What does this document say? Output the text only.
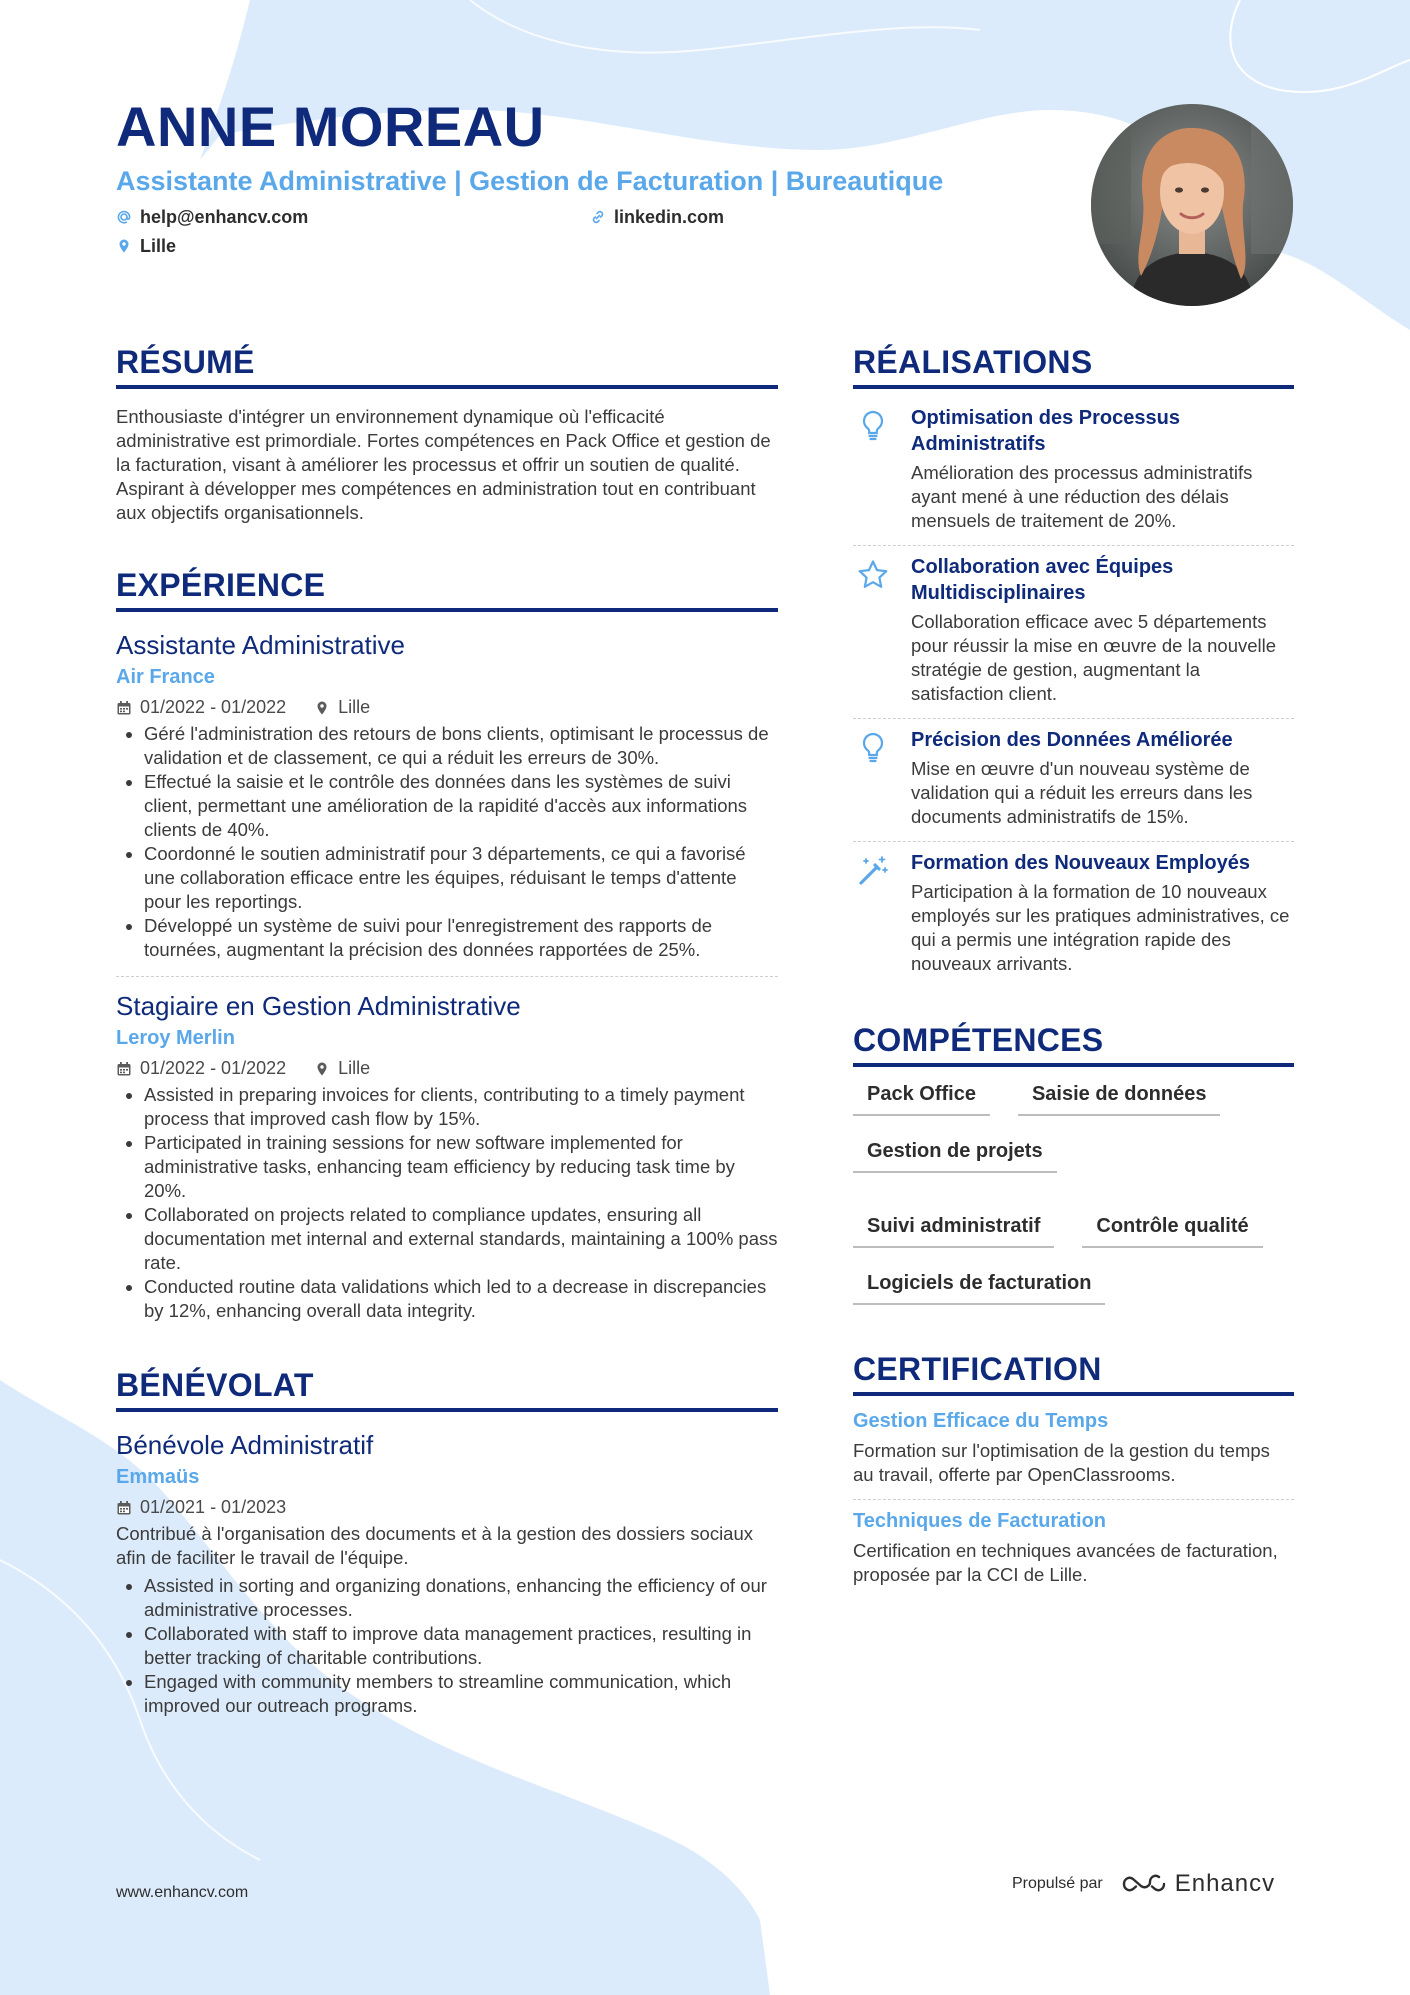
ANNE MOREAU
Assistante Administrative | Gestion de Facturation | Bureautique
help@enhancv.com	linkedin.com
Lille
RÉSUMÉ

Enthousiaste d'intégrer un environnement dynamique où l'efficacité administrative est primordiale. Fortes compétences en Pack Office et gestion de la facturation, visant à améliorer les processus et offrir un soutien de qualité. Aspirant à développer mes compétences en administration tout en contribuant aux objectifs organisationnels.

EXPÉRIENCE
Assistante Administrative
Air France
01/2022 - 01/2022	Lille
• Géré l'administration des retours de bons clients, optimisant le processus de validation et de classement, ce qui a réduit les erreurs de 30%.
• Effectué la saisie et le contrôle des données dans les systèmes de suivi client, permettant une amélioration de la rapidité d'accès aux informations clients de 40%.
• Coordonné le soutien administratif pour 3 départements, ce qui a favorisé une collaboration efficace entre les équipes, réduisant le temps d'attente pour les reportings.
• Développé un système de suivi pour l'enregistrement des rapports de tournées, augmentant la précision des données rapportées de 25%.
Stagiaire en Gestion Administrative
Leroy Merlin
01/2022 - 01/2022	Lille
• Assisted in preparing invoices for clients, contributing to a timely payment process that improved cash flow by 15%.
• Participated in training sessions for new software implemented for administrative tasks, enhancing team efficiency by reducing task time by 20%.
• Collaborated on projects related to compliance updates, ensuring all documentation met internal and external standards, maintaining a 100% pass rate.
• Conducted routine data validations which led to a decrease in discrepancies by 12%, enhancing overall data integrity.
BÉNÉVOLAT
Bénévole Administratif
Emmaüs
01/2021 - 01/2023

Contribué à l'organisation des documents et à la gestion des dossiers sociaux afin de faciliter le travail de l'équipe.

• Assisted in sorting and organizing donations, enhancing the efficiency of our administrative processes.
• Collaborated with staff to improve data management practices, resulting in better tracking of charitable contributions.
• Engaged with community members to streamline communication, which improved our outreach programs.
RÉALISATIONS
Optimisation des Processus Administratifs
Amélioration des processus administratifs ayant mené à une réduction des délais mensuels de traitement de 20%.
Collaboration avec Équipes Multidisciplinaires
Collaboration efficace avec 5 départements pour réussir la mise en œuvre de la nouvelle stratégie de gestion, augmentant la satisfaction client.
Précision des Données Améliorée
Mise en œuvre d'un nouveau système de validation qui a réduit les erreurs dans les documents administratifs de 15%.
Formation des Nouveaux Employés
Participation à la formation de 10 nouveaux employés sur les pratiques administratives, ce qui a permis une intégration rapide des nouveaux arrivants.
COMPÉTENCES
Pack Office	Saisie de données
Gestion de projets
Suivi administratif	Contrôle qualité
Logiciels de facturation
CERTIFICATION
Gestion Efficace du Temps
Formation sur l'optimisation de la gestion du temps au travail, offerte par OpenClassrooms.
Techniques de Facturation
Certification en techniques avancées de facturation, proposée par la CCI de Lille.
www.enhancv.com
Propulsé par	Enhancv
